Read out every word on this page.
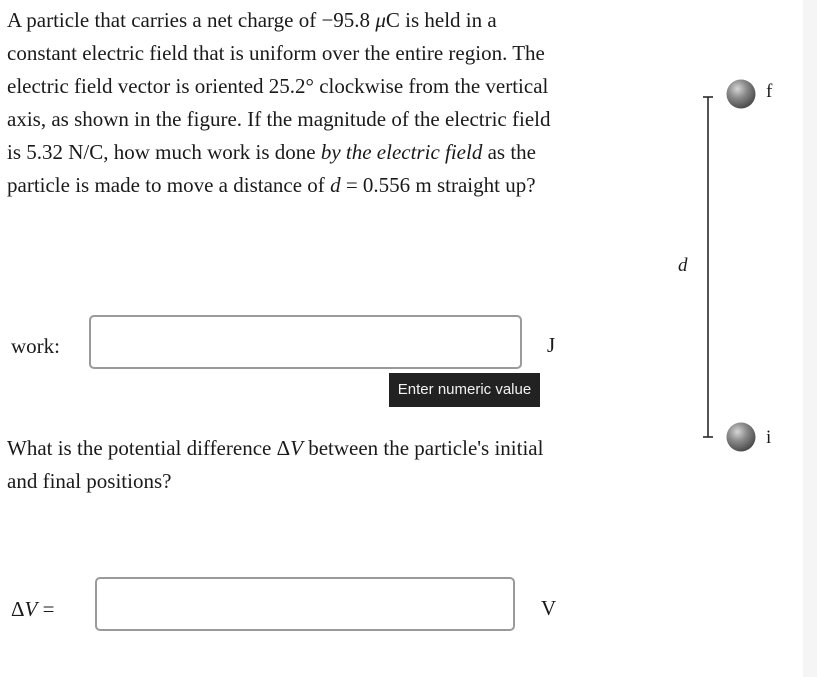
A particle that carries a net charge of −95.8 μC is held in a constant electric field that is uniform over the entire region. The electric field vector is oriented 25.2° clockwise from the vertical axis, as shown in the figure. If the magnitude of the electric field is 5.32 N/C, how much work is done by the electric field as the particle is made to move a distance of d = 0.556 m straight up?

work:	J
Enter numeric value

What is the potential difference ΔV between the particle's initial and final positions?

ΔV =	V
f
i
d
